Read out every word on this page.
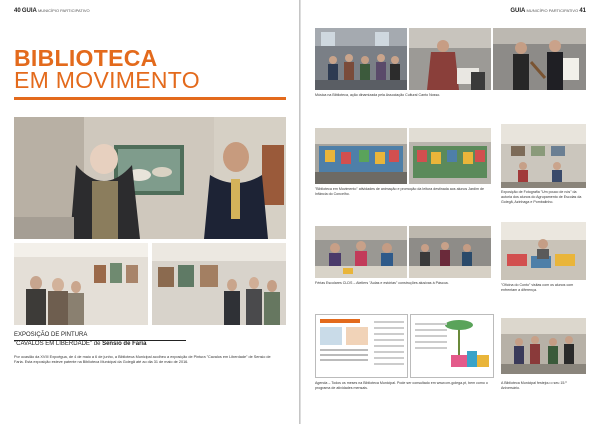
40 GUIA MUNICÍPIO PARTICIPATIVO
BIBLIOTECA
EM MOVIMENTO
EXPOSIÇÃO DE PINTURA
"CAVALOS EM LIBERDADE" de Sensio de Faria
Por ocasião da XVIII Expoégua, de 4 de maio a 6 de junho, a Biblioteca Municipal acolheu a exposição de Pintura "Cavalos em Liberdade" de Sensio de Faria. Esta exposição esteve patente na Biblioteca Municipal da Golegã até ao dia 31 de maio de 2016.
GUIA MUNICÍPIO PARTICIPATIVO 41
Música na Biblioteca, ação dinamizada pela Associação Cultural Canto Nosso.
"Biblioteca em Movimento" atividades de animação e promoção da leitura destinada aos alunos Jardim de Infância do Concelho.	Exposição de Fotografia "Um pouco de nós" da autoria dos alunos do Agrupamento de Escolas da Golegã, Azinhaga e Pombalinho.
Férias Escolares CLDS – Ateliers "Aulas e estórias" construções alusivas à Páscoa.	"Oficina do Conto" visitas com os alunos com enfrentam a diferença.
Agenda – Todos os meses na Biblioteca Municipal. Pode ser consultado em www.cm-golega.pt, bem como o programa de atividades mensais.
A Biblioteca Municipal festejou o seu 15.º Aniversário.
